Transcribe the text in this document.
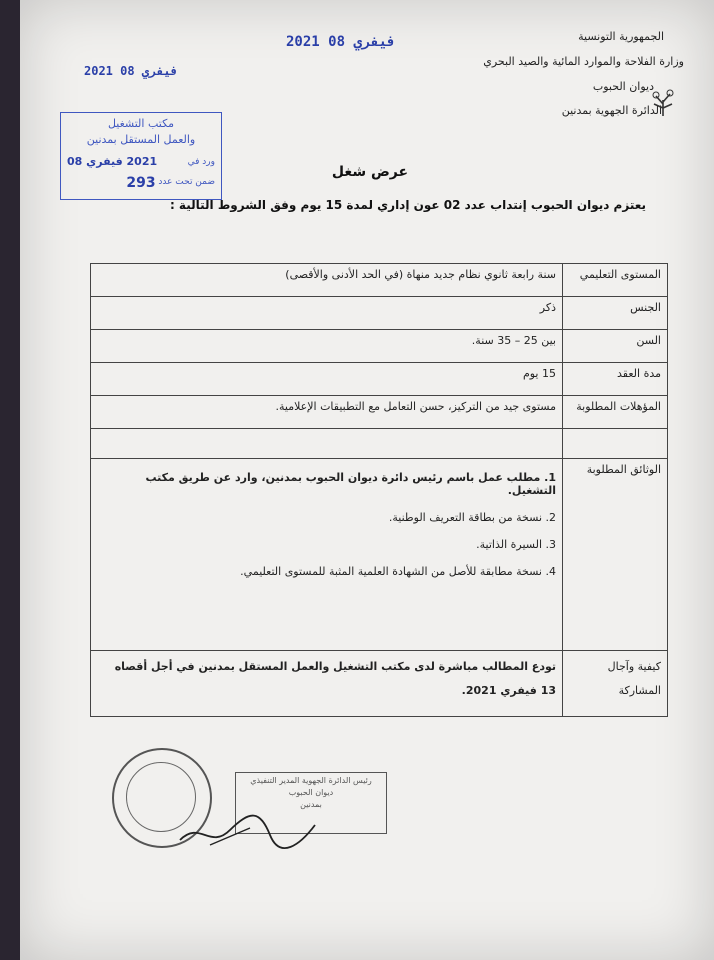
الجمهورية التونسية
وزارة الفلاحة والموارد المائية والصيد البحري
ديوان الحبوب
الدائرة الجهوية بمدنين
2021 فيفري 08
2021 فيفري 08
مكتب التشغيل
والعمل المستقل بمدنين
ورد في
2021 فيفري 08
ضمن تحت عدد
293
عرض شغل
يعتزم ديوان الحبوب إنتداب عدد 02 عون إداري لمدة 15 يوم وفق الشروط التالية :
المستوى التعليمي	سنة رابعة ثانوي نظام جديد منهاة (في الحد الأدنى والأقصى)
الجنس	ذكر
السن	بين 25 – 35 سنة.
مدة العقد	15 يوم
المؤهلات المطلوبة	مستوى جيد من التركيز، حسن التعامل مع التطبيقات الإعلامية.

الوثائق المطلوبة	1. مطلب عمل باسم رئيس دائرة ديوان الحبوب بمدنين، وارد عن طريق مكتب التشغيل.
2. نسخة من بطاقة التعريف الوطنية.
3. السيرة الذاتية.
4. نسخة مطابقة للأصل من الشهادة العلمية المثبة للمستوى التعليمي.

كيفية وآجال المشاركة	تودع المطالب مباشرة لدى مكتب التشغيل والعمل المستقل بمدنين في أجل أقصاه 13 فيفري 2021.
رئيس الدائرة الجهوية المدير التنفيذي
ديوان الحبوب
بمدنين
